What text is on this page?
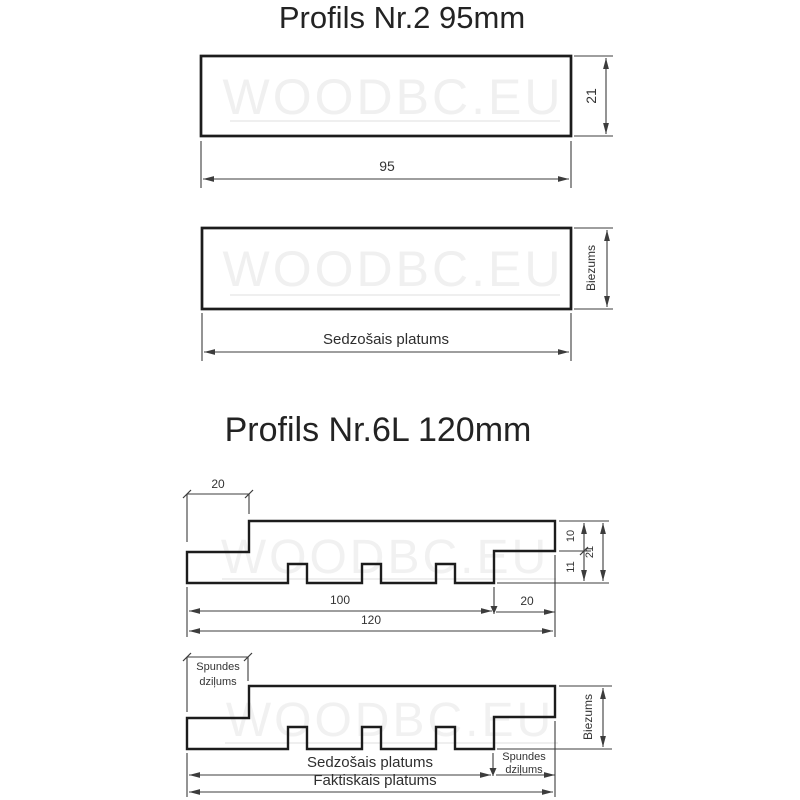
WOODBC.EU
WOODBC.EU
WOODBC.EU
WOODBC.EU
Profils Nr.2 95mm
21
95
Biezums
Sedzošais platums
Profils Nr.6L 120mm
20
10
11
21
100	20
120
Spundes
dziļums
Biezums
Sedzošais platums	Spundes
dziļums
Faktiskais platums
